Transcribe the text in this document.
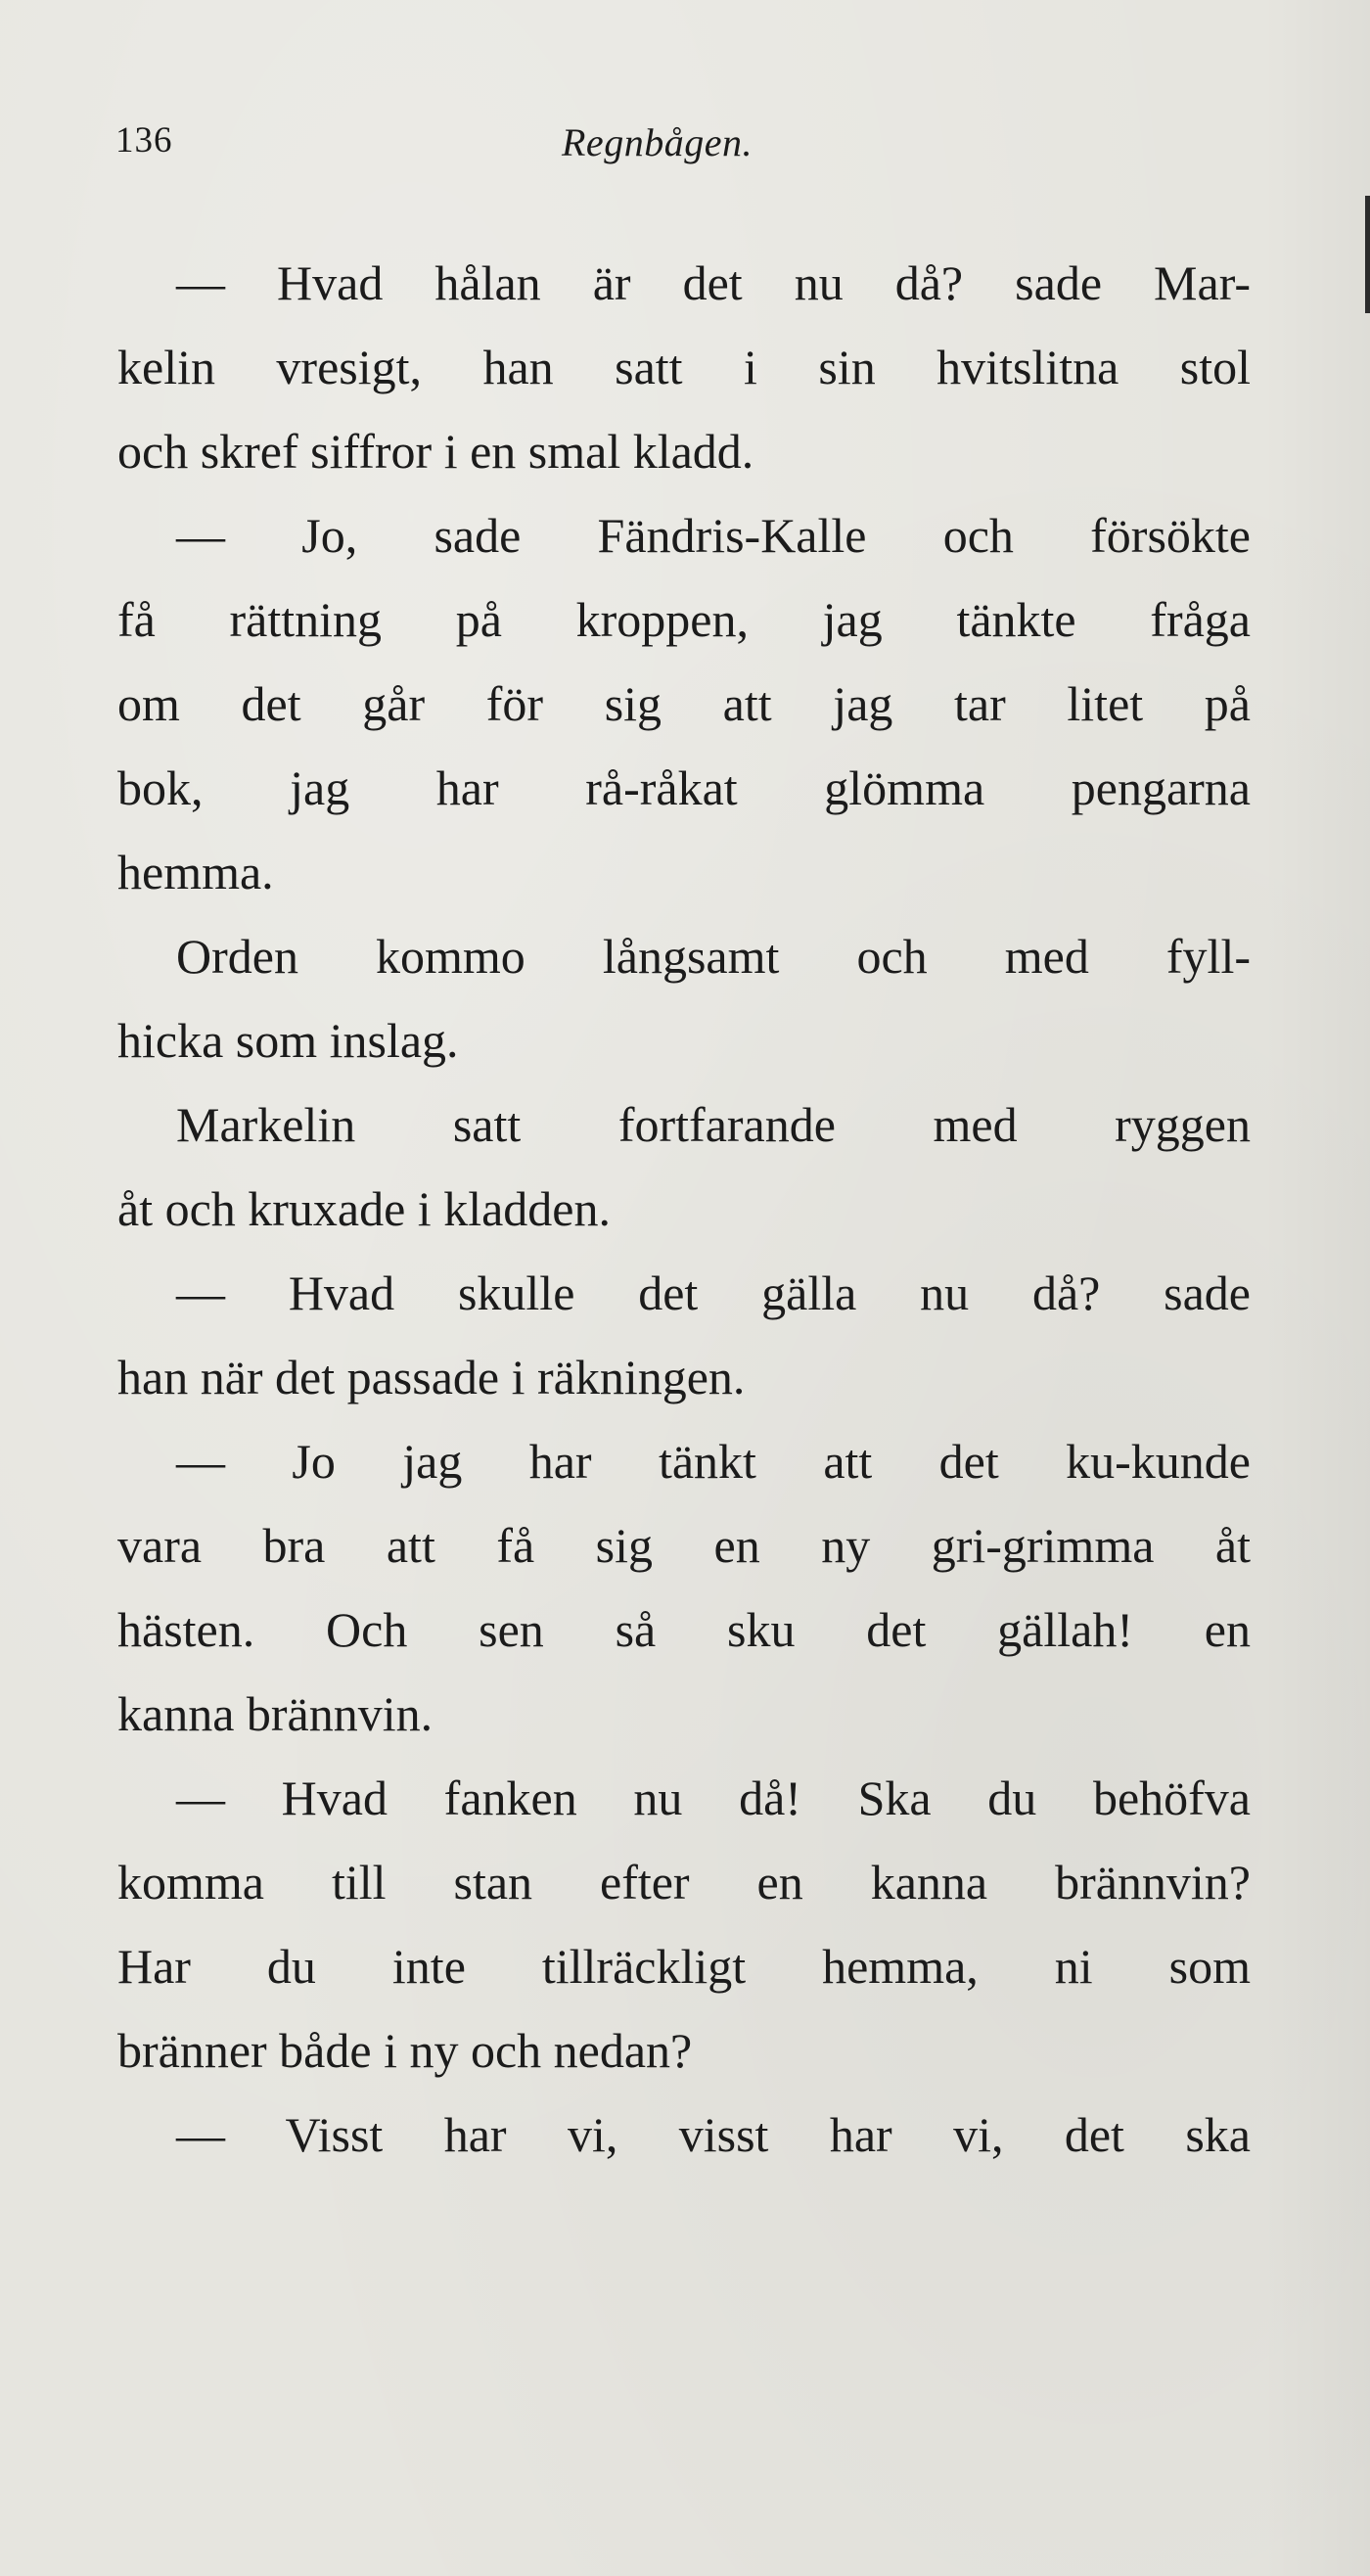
136	Regnbågen.
— Hvad hålan är det nu då? sade Mar-
kelin vresigt, han satt i sin hvitslitna stol
och skref siffror i en smal kladd.
— Jo, sade Fändris-Kalle och försökte
få rättning på kroppen, jag tänkte fråga
om det går för sig att jag tar litet på
bok, jag har rå-råkat glömma pengarna
hemma.
Orden kommo långsamt och med fyll-
hicka som inslag.
Markelin satt fortfarande med ryggen
åt och kruxade i kladden.
— Hvad skulle det gälla nu då? sade
han när det passade i räkningen.
— Jo jag har tänkt att det ku-kunde
vara bra att få sig en ny gri-grimma åt
hästen. Och sen så sku det gällah! en
kanna brännvin.
— Hvad fanken nu då! Ska du behöfva
komma till stan efter en kanna brännvin?
Har du inte tillräckligt hemma, ni som
bränner både i ny och nedan?
— Visst har vi, visst har vi, det ska
